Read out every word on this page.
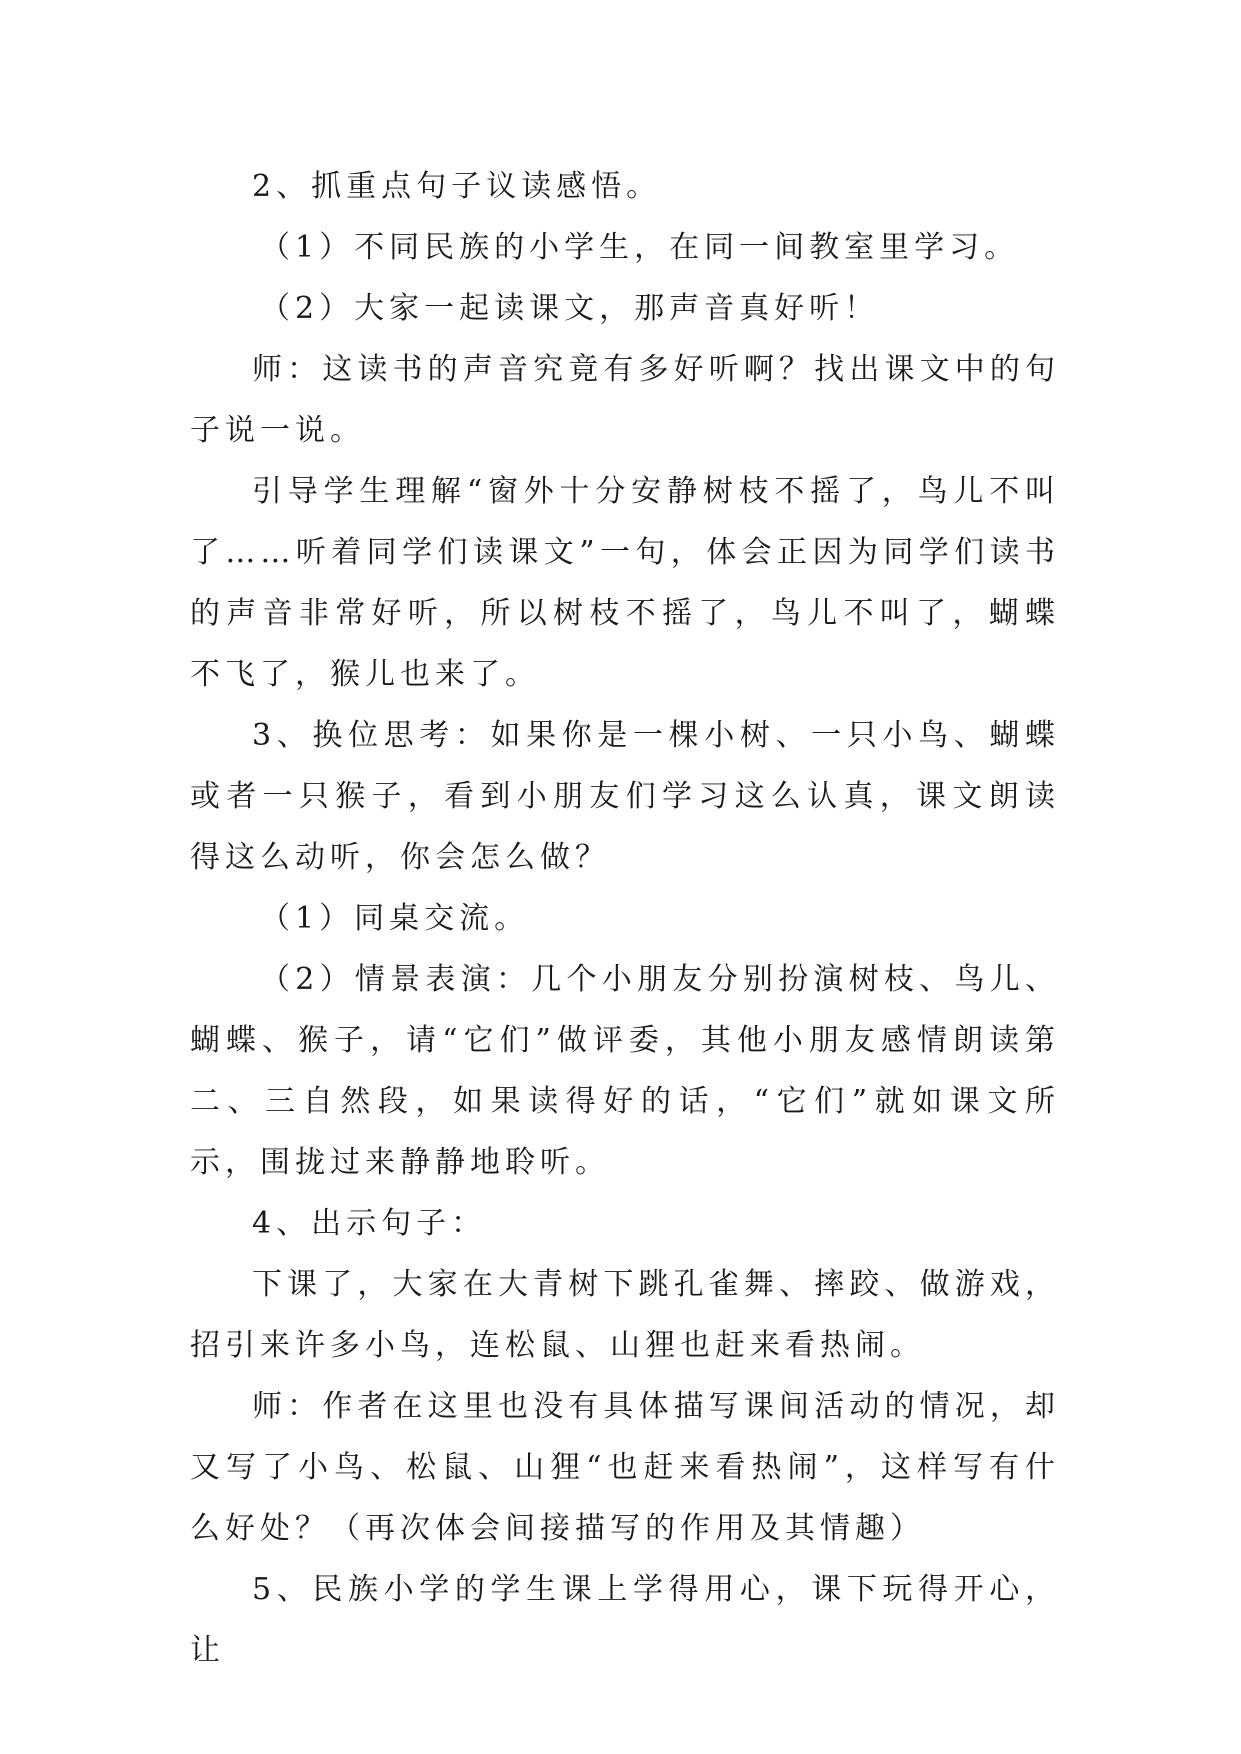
2、抓重点句子议读感悟。

（1）不同民族的小学生，在同一间教室里学习。

（2）大家一起读课文，那声音真好听！

师：这读书的声音究竟有多好听啊？找出课文中的句子说一说。

引导学生理解“窗外十分安静树枝不摇了，鸟儿不叫了……听着同学们读课文”一句，体会正因为同学们读书的声音非常好听，所以树枝不摇了，鸟儿不叫了，蝴蝶不飞了，猴儿也来了。

3、换位思考：如果你是一棵小树、一只小鸟、蝴蝶或者一只猴子，看到小朋友们学习这么认真，课文朗读得这么动听，你会怎么做？

（1）同桌交流。

（2）情景表演：几个小朋友分别扮演树枝、鸟儿、蝴蝶、猴子，请“它们”做评委，其他小朋友感情朗读第二、三自然段，如果读得好的话，“它们”就如课文所示，围拢过来静静地聆听。

4、出示句子：

下课了，大家在大青树下跳孔雀舞、摔跤、做游戏，招引来许多小鸟，连松鼠、山狸也赶来看热闹。

师：作者在这里也没有具体描写课间活动的情况，却又写了小鸟、松鼠、山狸“也赶来看热闹”，这样写有什么好处？（再次体会间接描写的作用及其情趣）

5、民族小学的学生课上学得用心，课下玩得开心，让
